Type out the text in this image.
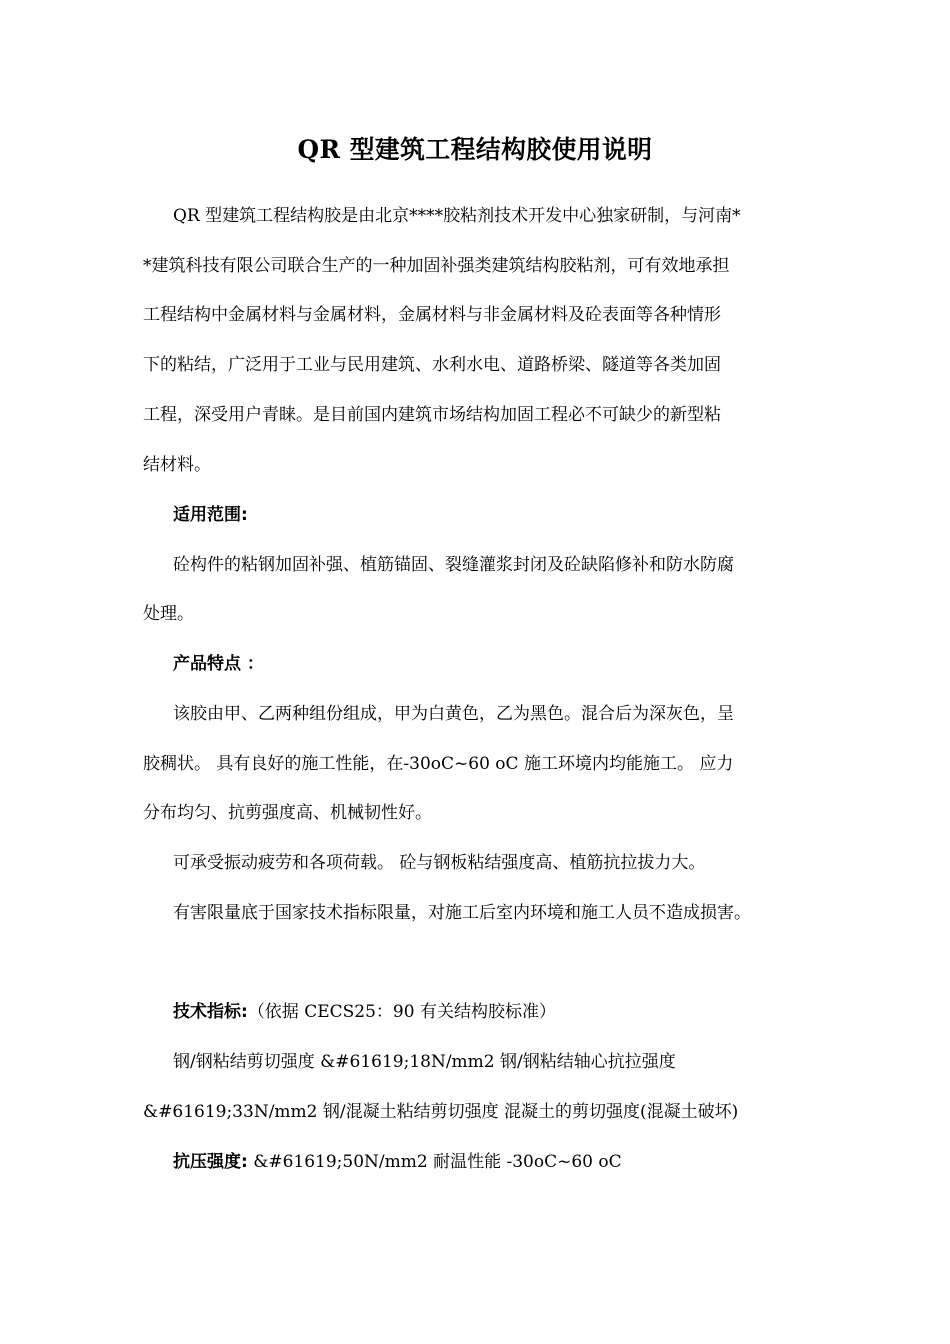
QR 型建筑工程结构胶使用说明
QR 型建筑工程结构胶是由北京****胶粘剂技术开发中心独家研制，与河南*
*建筑科技有限公司联合生产的一种加固补强类建筑结构胶粘剂，可有效地承担
工程结构中金属材料与金属材料，金属材料与非金属材料及砼表面等各种情形
下的粘结，广泛用于工业与民用建筑、水利水电、道路桥梁、隧道等各类加固
工程，深受用户青睐。是目前国内建筑市场结构加固工程必不可缺少的新型粘
结材料。
适用范围:
砼构件的粘钢加固补强、植筋锚固、裂缝灌浆封闭及砼缺陷修补和防水防腐
处理。
产品特点 ：
该胶由甲、乙两种组份组成，甲为白黄色，乙为黑色。混合后为深灰色，呈
胶稠状。 具有良好的施工性能，在-30oC~60 oC 施工环境内均能施工。 应力
分布均匀、抗剪强度高、机械韧性好。
可承受振动疲劳和各项荷载。 砼与钢板粘结强度高、植筋抗拉拔力大。
有害限量底于国家技术指标限量，对施工后室内环境和施工人员不造成损害。
技术指标:（依据 CECS25：90 有关结构胶标准）
钢/钢粘结剪切强度 &#61619;18N/mm2 钢/钢粘结轴心抗拉强度
&#61619;33N/mm2 钢/混凝土粘结剪切强度 混凝土的剪切强度(混凝土破坏)
抗压强度: &#61619;50N/mm2 耐温性能 -30oC~60 oC
